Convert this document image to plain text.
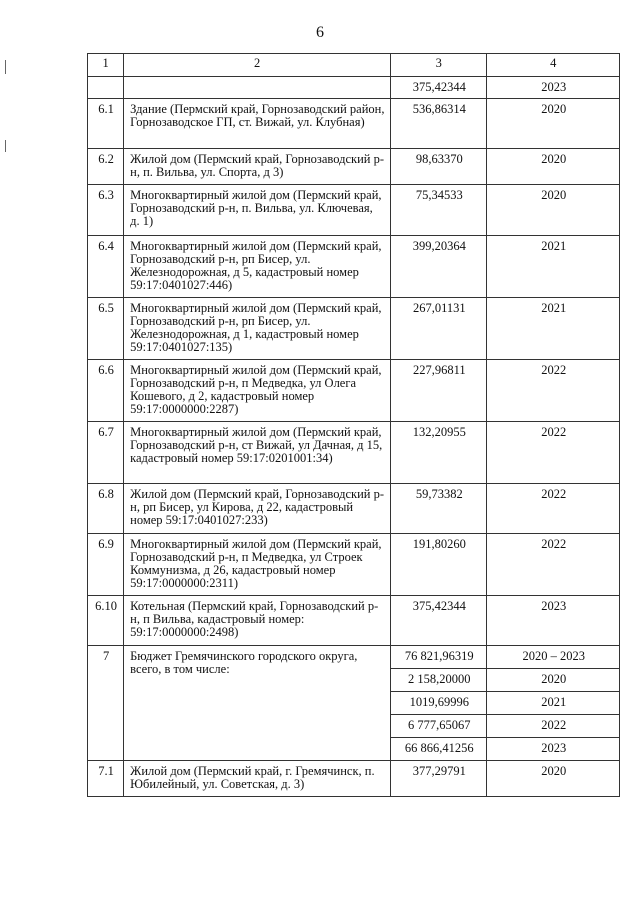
6
1	2	3	4
		375,42344	2023
6.1	Здание (Пермский край, Горнозаводский район, Горнозаводское ГП, ст. Вижай, ул. Клубная)	536,86314	2020
6.2	Жилой дом (Пермский край, Горнозаводский р-н, п. Вильва, ул. Спорта, д 3)	98,63370	2020
6.3	Многоквартирный жилой дом (Пермский край, Горнозаводский р-н, п. Вильва, ул. Ключевая, д. 1)	75,34533	2020
6.4	Многоквартирный жилой дом (Пермский край, Горнозаводский р-н, рп Бисер, ул. Железнодорожная, д 5, кадастровый номер 59:17:0401027:446)	399,20364	2021
6.5	Многоквартирный жилой дом (Пермский край, Горнозаводский р-н, рп Бисер, ул. Железнодорожная, д 1, кадастровый номер 59:17:0401027:135)	267,01131	2021
6.6	Многоквартирный жилой дом (Пермский край, Горнозаводский р-н, п Медведка, ул Олега Кошевого, д 2, кадастровый номер 59:17:0000000:2287)	227,96811	2022
6.7	Многоквартирный жилой дом (Пермский край, Горнозаводский р-н, ст Вижай, ул Дачная, д 15, кадастровый номер 59:17:0201001:34)	132,20955	2022
6.8	Жилой дом (Пермский край, Горнозаводский р-н, рп Бисер, ул Кирова, д 22, кадастровый номер 59:17:0401027:233)	59,73382	2022
6.9	Многоквартирный жилой дом (Пермский край, Горнозаводский р-н, п Медведка, ул Строек Коммунизма, д 26, кадастровый номер 59:17:0000000:2311)	191,80260	2022
6.10	Котельная (Пермский край, Горнозаводский р-н, п Вильва, кадастровый номер: 59:17:0000000:2498)	375,42344	2023
7	Бюджет Гремячинского городского округа, всего, в том числе:	76 821,96319	2020 – 2023
		2 158,20000	2020
		1019,69996	2021
		6 777,65067	2022
		66 866,41256	2023
7.1	Жилой дом (Пермский край, г. Гремячинск, п. Юбилейный, ул. Советская, д. 3)	377,29791	2020
